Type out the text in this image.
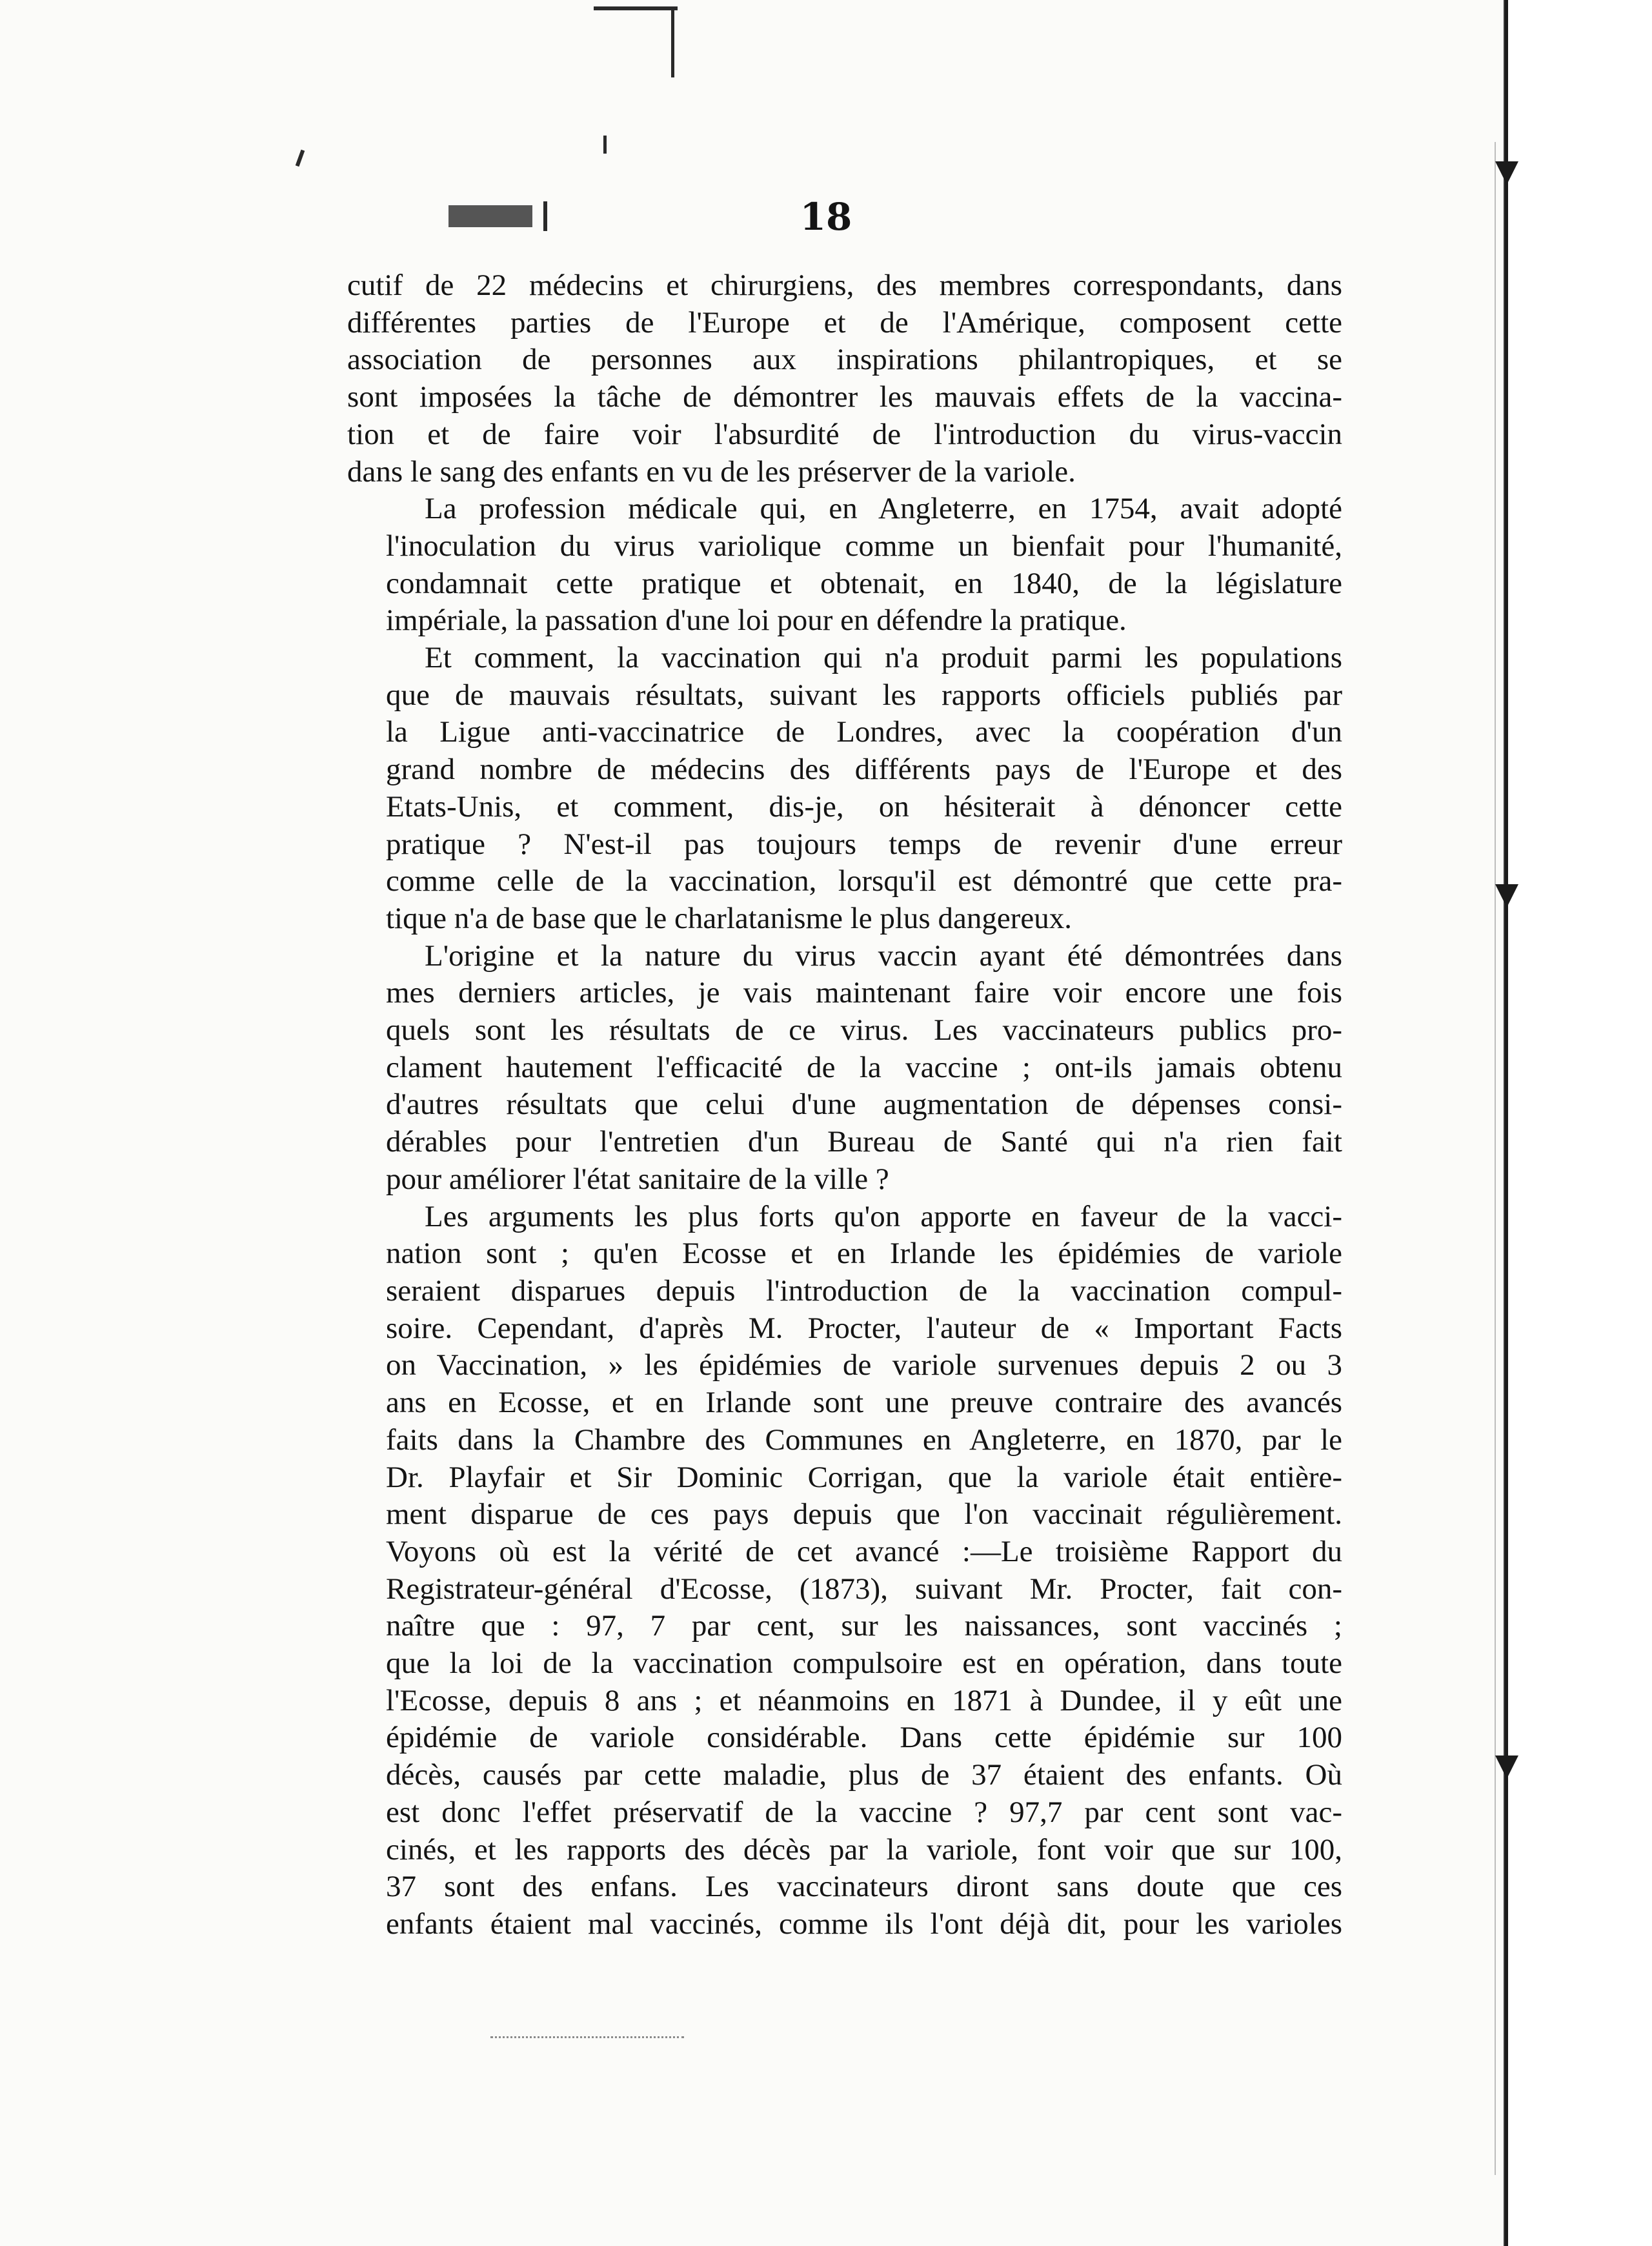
18

cutif de 22 médecins et chirurgiens, des membres correspondants, dans
différentes parties de l'Europe et de l'Amérique, composent cette
association de personnes aux inspirations philantropiques, et se
sont imposées la tâche de démontrer les mauvais effets de la vaccina-
tion et de faire voir l'absurdité de l'introduction du virus-vaccin
dans le sang des enfants en vu de les préserver de la variole.

La profession médicale qui, en Angleterre, en 1754, avait adopté
l'inoculation du virus variolique comme un bienfait pour l'humanité,
condamnait cette pratique et obtenait, en 1840, de la législature
impériale, la passation d'une loi pour en défendre la pratique.

Et comment, la vaccination qui n'a produit parmi les populations
que de mauvais résultats, suivant les rapports officiels publiés par
la Ligue anti-vaccinatrice de Londres, avec la coopération d'un
grand nombre de médecins des différents pays de l'Europe et des
Etats-Unis, et comment, dis-je, on hésiterait à dénoncer cette
pratique ? N'est-il pas toujours temps de revenir d'une erreur
comme celle de la vaccination, lorsqu'il est démontré que cette pra-
tique n'a de base que le charlatanisme le plus dangereux.

L'origine et la nature du virus vaccin ayant été démontrées dans
mes derniers articles, je vais maintenant faire voir encore une fois
quels sont les résultats de ce virus. Les vaccinateurs publics pro-
clament hautement l'efficacité de la vaccine ; ont-ils jamais obtenu
d'autres résultats que celui d'une augmentation de dépenses consi-
dérables pour l'entretien d'un Bureau de Santé qui n'a rien fait
pour améliorer l'état sanitaire de la ville ?

Les arguments les plus forts qu'on apporte en faveur de la vacci-
nation sont ; qu'en Ecosse et en Irlande les épidémies de variole
seraient disparues depuis l'introduction de la vaccination compul-
soire. Cependant, d'après M. Procter, l'auteur de « Important Facts
on Vaccination, » les épidémies de variole survenues depuis 2 ou 3
ans en Ecosse, et en Irlande sont une preuve contraire des avancés
faits dans la Chambre des Communes en Angleterre, en 1870, par le
Dr. Playfair et Sir Dominic Corrigan, que la variole était entière-
ment disparue de ces pays depuis que l'on vaccinait régulièrement.
Voyons où est la vérité de cet avancé :—Le troisième Rapport du
Registrateur-général d'Ecosse, (1873), suivant Mr. Procter, fait con-
naître que : 97, 7 par cent, sur les naissances, sont vaccinés ;
que la loi de la vaccination compulsoire est en opération, dans toute
l'Ecosse, depuis 8 ans ; et néanmoins en 1871 à Dundee, il y eût une
épidémie de variole considérable. Dans cette épidémie sur 100
décès, causés par cette maladie, plus de 37 étaient des enfants. Où
est donc l'effet préservatif de la vaccine ? 97,7 par cent sont vac-
cinés, et les rapports des décès par la variole, font voir que sur 100,
37 sont des enfans. Les vaccinateurs diront sans doute que ces
enfants étaient mal vaccinés, comme ils l'ont déjà dit, pour les varioles
